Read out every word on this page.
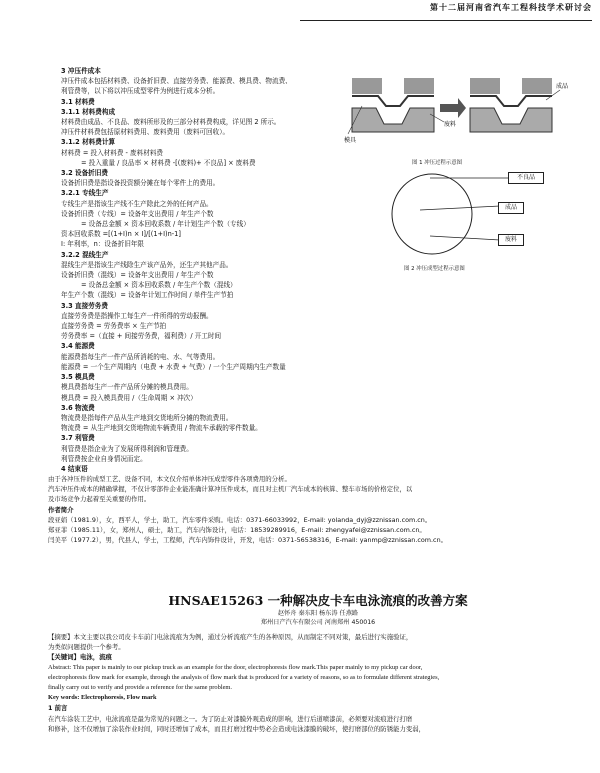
第十二届河南省汽车工程科技学术研讨会
3 冲压件成本
冲压件成本包括材料费、设备折旧费、直接劳务费、能源费、模具费、物流费、
利管费等，以下将以冲压成型零件为例进行成本分析。
3.1 材料费
3.1.1 材料费构成
材料费由成品、不良品、废料所形及的三部分材料费构成，详见图 2 所示。
冲压件材料费包括原材料费用、废料费用（废料可回收）。
3.1.2 材料费计算
材料费 = 投入材料费 - 废料材料费
= 投入重量 / 良品率 × 材料费 -[(废料)+ 不良品] × 废料费
3.2 设备折旧费
设备折旧费是指设备投资额分摊在每个零件上的费用。
3.2.1 专线生产
专线生产是指该生产线不生产除此之外的任何产品。
设备折旧费（专线）= 设备年支出费用 / 年生产个数
= 设备总金额 × 资本回收系数 / 年计划生产个数（专线）
资本回收系数 =[(1+I)n × I]/[(1+I)n-1]
I: 年利率，n：设备折旧年限
3.2.2 混线生产
混线生产是指该生产线除生产该产品外，还生产其他产品。
设备折旧费（混线）= 设备年支出费用 / 年生产个数
= 设备总金额 × 资本回收系数 / 年生产个数（混线）
年生产个数（混线）= 设备年计划工作时间 / 单件生产节拍
3.3 直接劳务费
直接劳务费是指操作工每生产一件所得的劳动报酬。
直接劳务费 = 劳务费率 × 生产节拍
劳务费率 =（直接 + 间接劳务费，福利费）/ 开工时间
3.4 能源费
能源费指每生产一件产品所消耗的电、水、气等费用。
能源费 = 一个生产周期内（电费 + 水费 + 气费）/ 一个生产周期内生产数量
3.5 模具费
模具费指每生产一件产品所分摊的模具费用。
模具费 = 投入模具费用 /（生命周期 × 冲次）
3.6 物流费
物流费是指每件产品从生产地到交货地所分摊的物流费用。
物流费 = 从生产地到交货地物流车辆费用 / 物流车承载的零件数量。
3.7 利管费
利管费是指企业为了发展所得利润和管理费。
利管费按企业自身情况而定。
4 结束语
废料
成品
模具
图 1 冲压过程示意图
不良品
成品
废料
图 2 冲压成型过程示意图
由于各冲压件的成型工艺、设备不同，本文仅介绍单体冲压成型零件各项费用的分析。
汽车冲压件成本的精确掌握，不仅计零部件企业能准确计算冲压件成本，而且对主机厂汽车成本的核算、整车市场的价格定位，以
及市场竞争力起着至关重要的作用。
作者简介
段亚娟（1981.9），女，西平人，学士，助工，汽车零件采购。电话：0371-66033992，E-mail: yolanda_dyj@zznissan.com.cn。
郑亚菲（1985.11），女，郑州人，硕士，助工，汽车内饰设计，电话：18539289916，E-mail: zhengyafei@zznissan.com.cn。
闫美平（1977.2），男，代县人，学士，工程师，汽车内饰件设计，开发，电话：0371-56538316，E-mail: yanmp@zznissan.com.cn。
HNSAE15263 一种解决皮卡车电泳流痕的改善方案
赵怀舟 秦东阳 杨东涛 任燕路
郑州日产汽车有限公司 河南郑州 450016
【摘要】本文主要以我公司皮卡车前门电泳流痕为为例，通过分析流痕产生的各种原因，从而制定不同对策，最后进行实施验证，
为类似问题提供一个参考。
【关键词】电泳，流痕
Abstract: This paper is mainly to our pickup truck as an example for the door, electrophoresis flow mark.This paper mainly to my pickup car door,
electrophoresis flow mark for example, through the analysis of flow mark that is produced for a variety of reasons, so as to formulate different strategies,
finally carry out to verify and provide a reference for the same problem.
Key words: Electrophoresis, Flow mark
1 前言
在汽车涂装工艺中，电泳流痕是最为常见的问题之一。为了防止对漆膜外观造成的影响，进行后道喷漆前，必须要对流痕进行打磨
和修补，这不仅增加了涂装作业时间，同时还增加了成本，而且打磨过程中势必会造成电泳漆膜的破坏，使打磨部位的防锈能力变弱，
